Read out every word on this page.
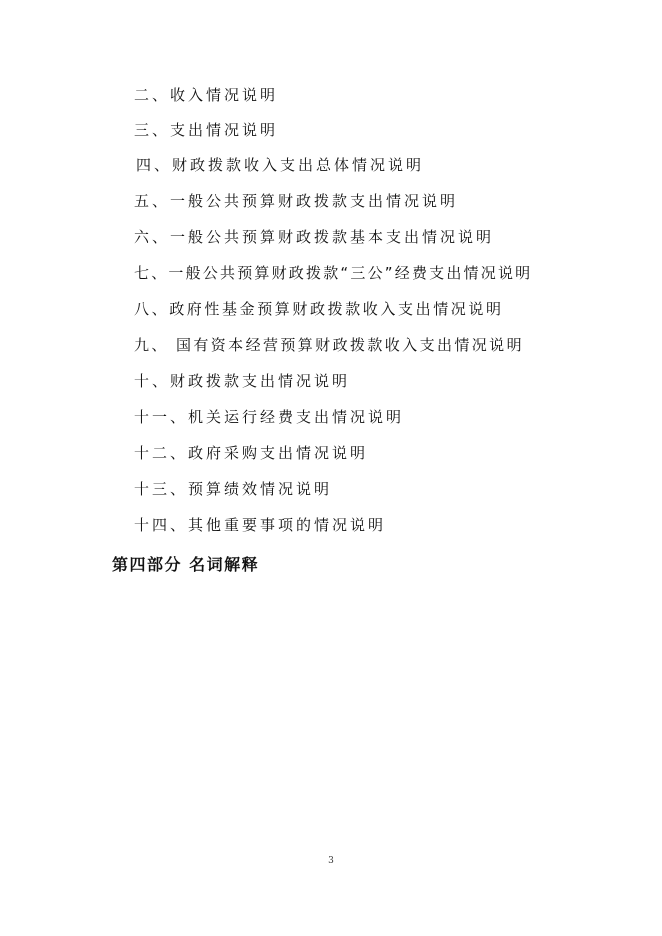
二、收入情况说明
三、支出情况说明
四、财政拨款收入支出总体情况说明
五、一般公共预算财政拨款支出情况说明
六、一般公共预算财政拨款基本支出情况说明
七、一般公共预算财政拨款“三公”经费支出情况说明
八、政府性基金预算财政拨款收入支出情况说明
九、 国有资本经营预算财政拨款收入支出情况说明
十、财政拨款支出情况说明
十一、机关运行经费支出情况说明
十二、政府采购支出情况说明
十三、预算绩效情况说明
十四、其他重要事项的情况说明
第四部分 名词解释
3
